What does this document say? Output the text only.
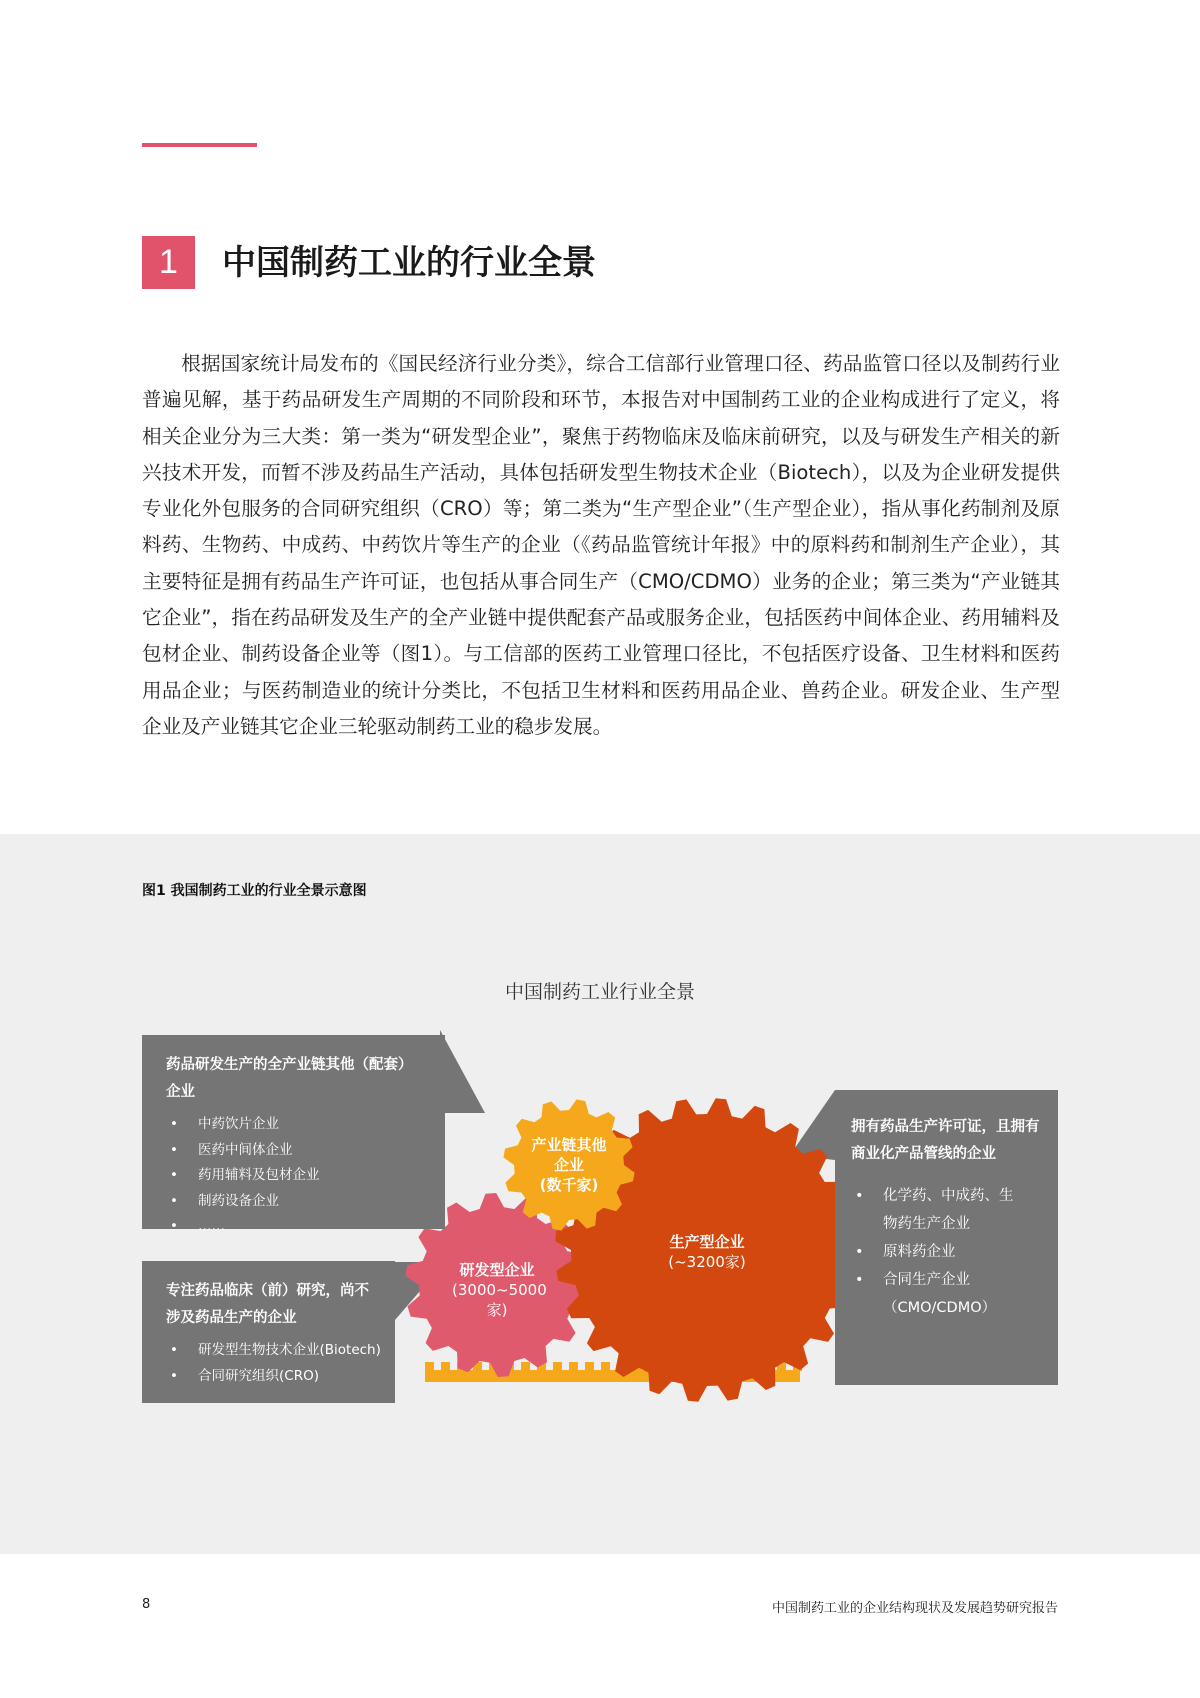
1	中国制药工业的行业全景

根据国家统计局发布的《国民经济行业分类》，综合工信部行业管理口径、药品监管口径以及制药行业普遍见解，基于药品研发生产周期的不同阶段和环节，本报告对中国制药工业的企业构成进行了定义，将相关企业分为三大类：第一类为“研发型企业”，聚焦于药物临床及临床前研究，以及与研发生产相关的新兴技术开发，而暂不涉及药品生产活动，具体包括研发型生物技术企业（Biotech），以及为企业研发提供专业化外包服务的合同研究组织（CRO）等；第二类为“生产型企业”（生产型企业），指从事化药制剂及原料药、生物药、中成药、中药饮片等生产的企业（《药品监管统计年报》中的原料药和制剂生产企业），其主要特征是拥有药品生产许可证，也包括从事合同生产（CMO/CDMO）业务的企业；第三类为“产业链其它企业”，指在药品研发及生产的全产业链中提供配套产品或服务企业，包括医药中间体企业、药用辅料及包材企业、制药设备企业等（图1）。与工信部的医药工业管理口径比，不包括医疗设备、卫生材料和医药用品企业；与医药制造业的统计分类比，不包括卫生材料和医药用品企业、兽药企业。研发企业、生产型企业及产业链其它企业三轮驱动制药工业的稳步发展。

图1 我国制药工业的行业全景示意图
中国制药工业行业全景
药品研发生产的全产业链其他（配套）企业
• 中药饮片企业
• 医药中间体企业
• 药用辅料及包材企业
• 制药设备企业
• ……
专注药品临床（前）研究，尚不涉及药品生产的企业
• 研发型生物技术企业(Biotech)
• 合同研究组织(CRO)
拥有药品生产许可证，且拥有商业化产品管线的企业
• 化学药、中成药、生物药生产企业
• 原料药企业
• 合同生产企业（CMO/CDMO）
产业链其他企业
(数千家)
研发型企业
(3000~5000家)
生产型企业
(~3200家)
8	中国制药工业的企业结构现状及发展趋势研究报告
